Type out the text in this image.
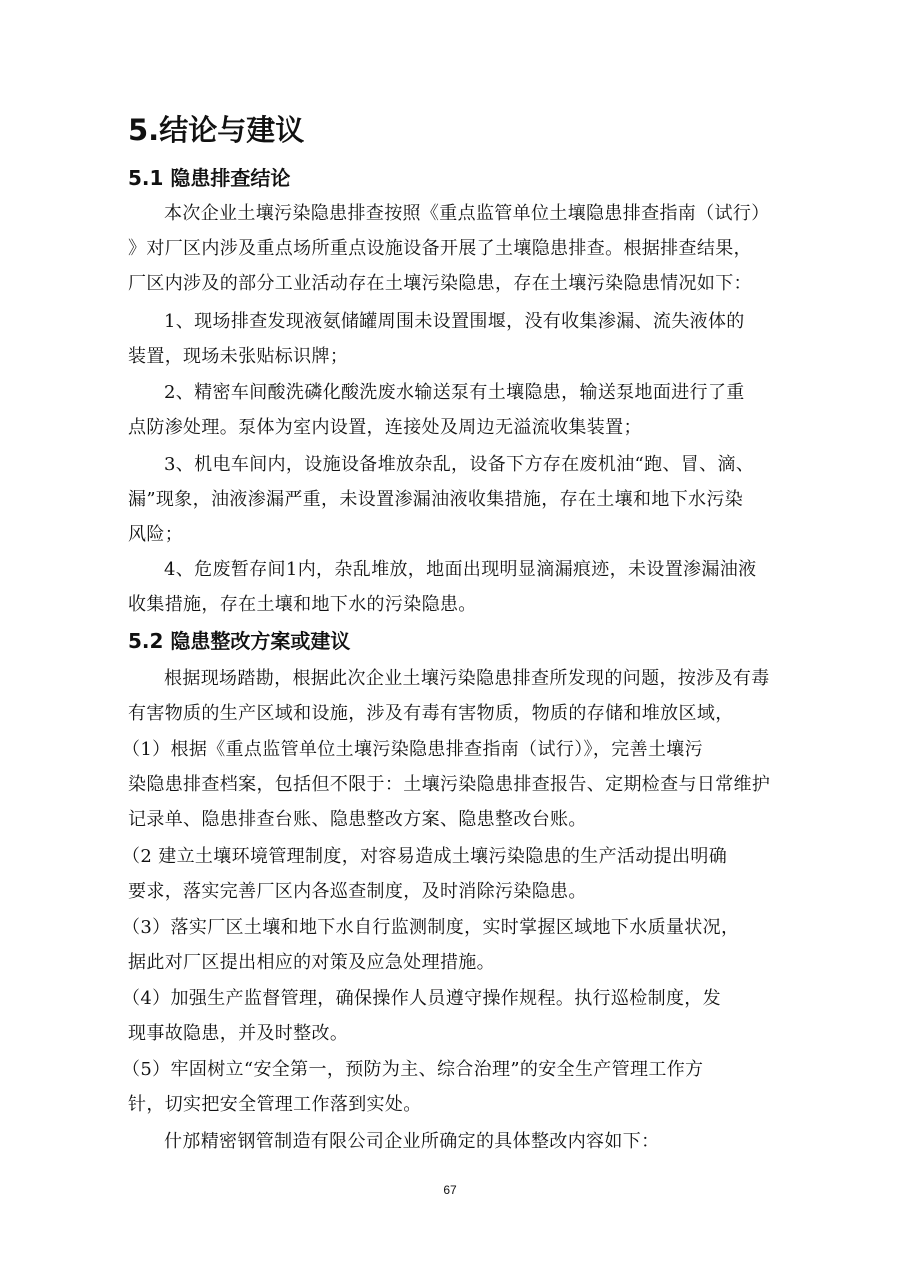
5.结论与建议
5.1 隐患排查结论
本次企业土壤污染隐患排查按照《重点监管单位土壤隐患排查指南（试行）
》对厂区内涉及重点场所重点设施设备开展了土壤隐患排查。根据排查结果，
厂区内涉及的部分工业活动存在土壤污染隐患，存在土壤污染隐患情况如下：
1、现场排查发现液氨储罐周围未设置围堰，没有收集渗漏、流失液体的
装置，现场未张贴标识牌；
2、精密车间酸洗磷化酸洗废水输送泵有土壤隐患，输送泵地面进行了重
点防渗处理。泵体为室内设置，连接处及周边无溢流收集装置；
3、机电车间内，设施设备堆放杂乱，设备下方存在废机油“跑、冒、滴、
漏”现象，油液渗漏严重，未设置渗漏油液收集措施，存在土壤和地下水污染
风险；
4、危废暂存间1内，杂乱堆放，地面出现明显滴漏痕迹，未设置渗漏油液
收集措施，存在土壤和地下水的污染隐患。
5.2 隐患整改方案或建议
根据现场踏勘，根据此次企业土壤污染隐患排查所发现的问题，按涉及有毒
有害物质的生产区域和设施，涉及有毒有害物质，物质的存储和堆放区域，
（1）根据《重点监管单位土壤污染隐患排查指南（试行）》，完善土壤污
染隐患排查档案，包括但不限于：土壤污染隐患排查报告、定期检查与日常维护
记录单、隐患排查台账、隐患整改方案、隐患整改台账。
（2 建立土壤环境管理制度，对容易造成土壤污染隐患的生产活动提出明确
要求，落实完善厂区内各巡查制度，及时消除污染隐患。
（3）落实厂区土壤和地下水自行监测制度，实时掌握区域地下水质量状况，
据此对厂区提出相应的对策及应急处理措施。
（4）加强生产监督管理，确保操作人员遵守操作规程。执行巡检制度，发
现事故隐患，并及时整改。
（5）牢固树立“安全第一，预防为主、综合治理”的安全生产管理工作方
针，切实把安全管理工作落到实处。
什邡精密钢管制造有限公司企业所确定的具体整改内容如下：
67
